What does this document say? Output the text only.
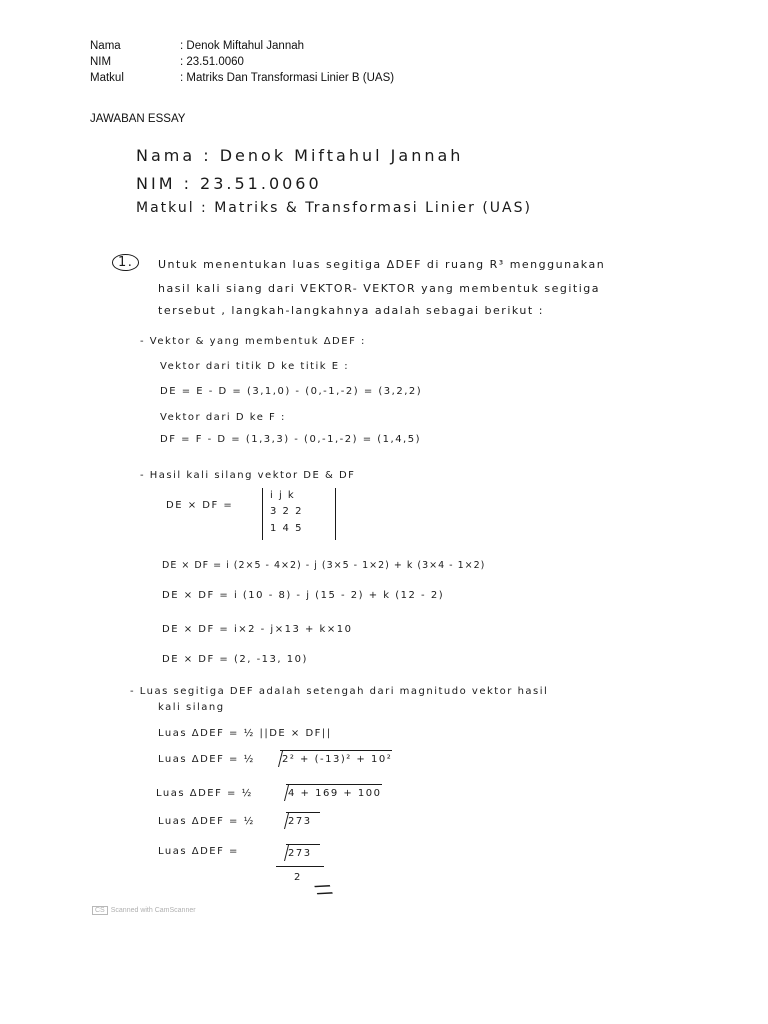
Nama	: Denok Miftahul Jannah
NIM	: 23.51.0060
Matkul	: Matriks Dan Transformasi Linier B (UAS)
JAWABAN ESSAY
Nama : Denok Miftahul Jannah
NIM : 23.51.0060
Matkul : Matriks & Transformasi Linier (UAS)
1.	Untuk menentukan luas segitiga ΔDEF di ruang R³ menggunakan
hasil kali siang dari VEKTOR- VEKTOR yang membentuk segitiga
tersebut , langkah-langkahnya adalah sebagai berikut :
- Vektor & yang membentuk ΔDEF :
Vektor dari titik D ke titik E :
DE = E - D = (3,1,0) - (0,-1,-2) = (3,2,2)
Vektor dari D ke F :
DF = F - D = (1,3,3) - (0,-1,-2) = (1,4,5)
- Hasil kali silang vektor DE & DF
DE × DF =
i j k
3 2 2
1 4 5
DE × DF = i (2×5 - 4×2) - j (3×5 - 1×2) + k (3×4 - 1×2)
DE × DF = i (10 - 8) - j (15 - 2) + k (12 - 2)
DE × DF = i×2 - j×13 + k×10
DE × DF = (2, -13, 10)
- Luas segitiga DEF adalah setengah dari magnitudo vektor hasil
kali silang
Luas ΔDEF = ½ ||DE × DF||
Luas ΔDEF = ½	2² + (-13)² + 10²
Luas ΔDEF = ½	4 + 169 + 100
Luas ΔDEF = ½	273
Luas ΔDEF =	273
2
//
CS Scanned with CamScanner
